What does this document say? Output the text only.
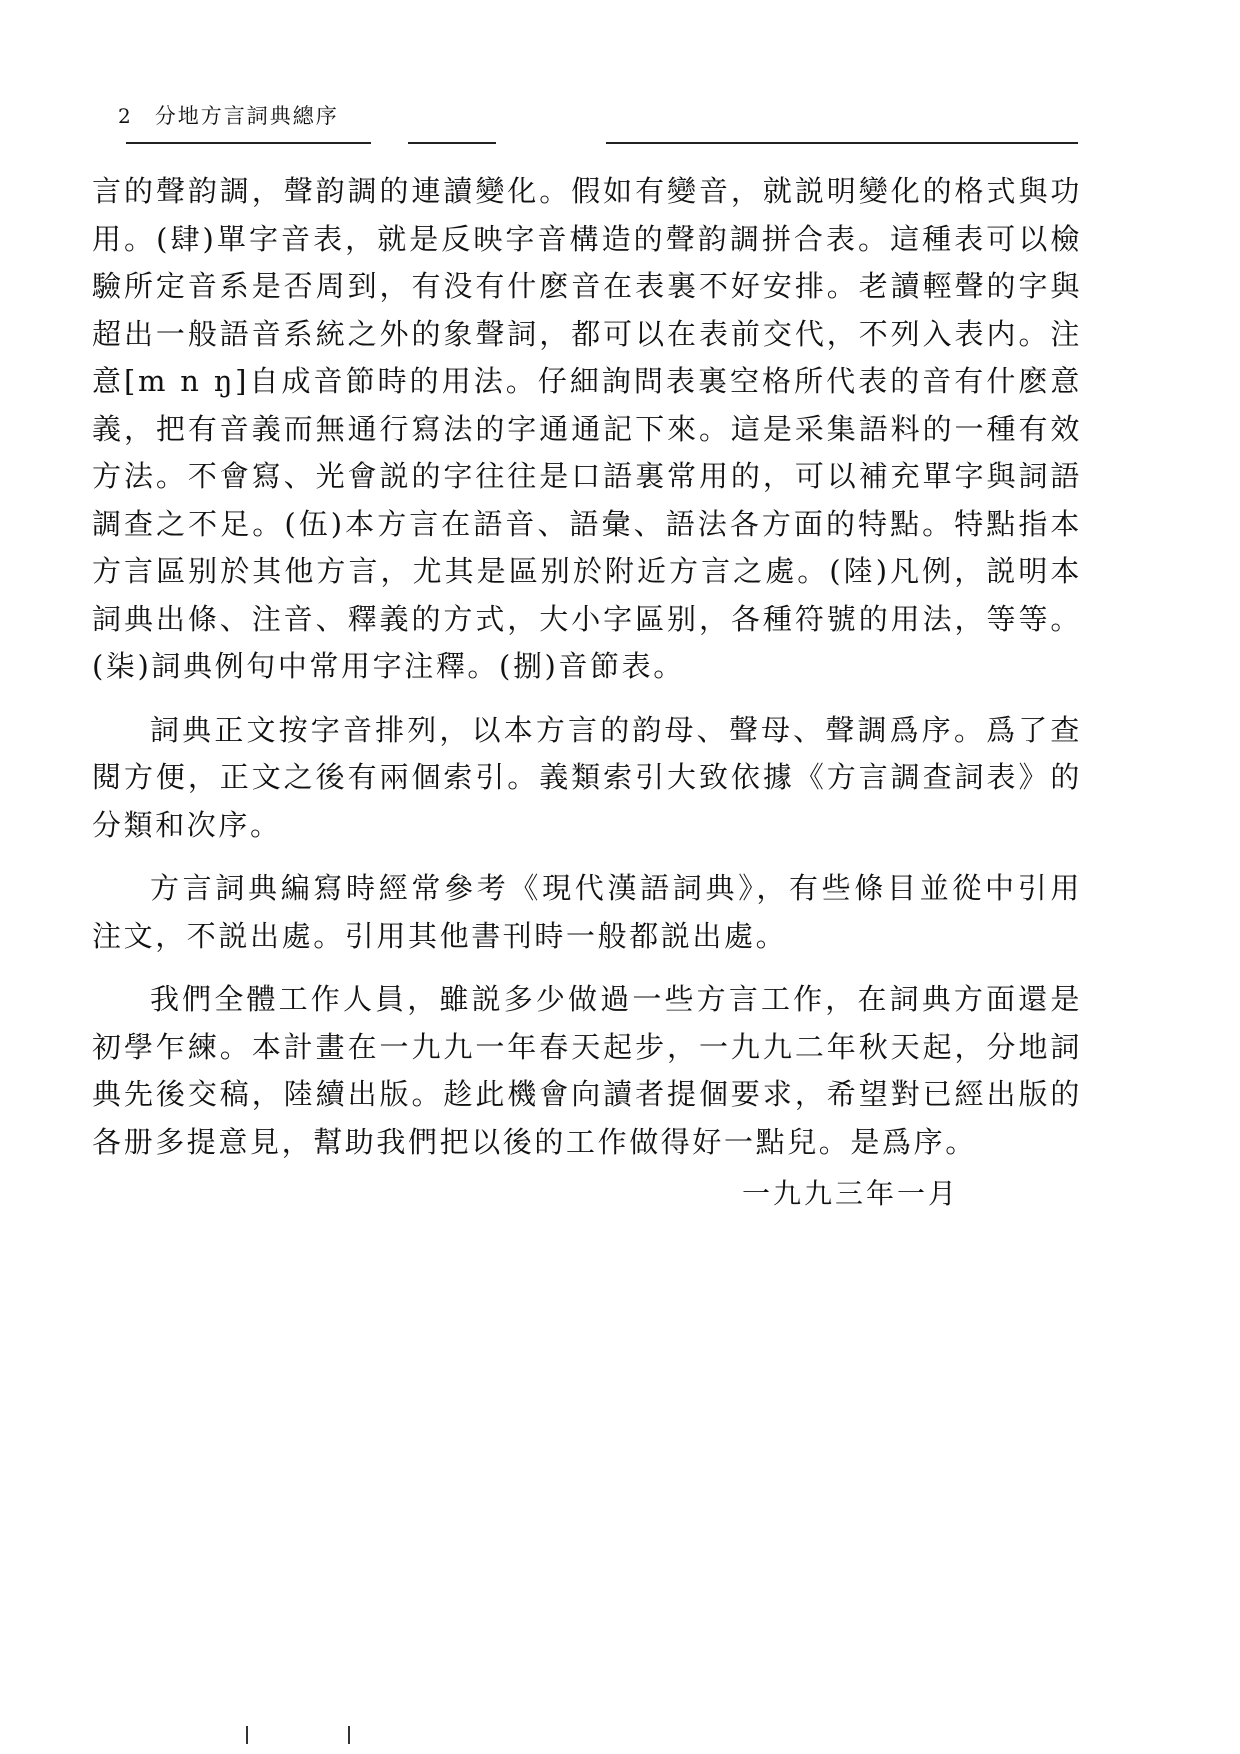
2 分地方言詞典總序

言的聲韵調，聲韵調的連讀變化。假如有變音，就説明變化的格式與功用。(肆)單字音表，就是反映字音構造的聲韵調拼合表。這種表可以檢驗所定音系是否周到，有没有什麽音在表裏不好安排。老讀輕聲的字與超出一般語音系統之外的象聲詞，都可以在表前交代，不列入表内。注意[m n ŋ]自成音節時的用法。仔細詢問表裏空格所代表的音有什麽意義，把有音義而無通行寫法的字通通記下來。這是采集語料的一種有效方法。不會寫、光會説的字往往是口語裏常用的，可以補充單字與詞語調查之不足。(伍)本方言在語音、語彙、語法各方面的特點。特點指本方言區别於其他方言，尤其是區别於附近方言之處。(陸)凡例，説明本詞典出條、注音、釋義的方式，大小字區别，各種符號的用法，等等。(柒)詞典例句中常用字注釋。(捌)音節表。

詞典正文按字音排列，以本方言的韵母、聲母、聲調爲序。爲了查閱方便，正文之後有兩個索引。義類索引大致依據《方言調查詞表》的分類和次序。

方言詞典編寫時經常參考《現代漢語詞典》，有些條目並從中引用注文，不説出處。引用其他書刊時一般都説出處。

我們全體工作人員，雖説多少做過一些方言工作，在詞典方面還是初學乍練。本計畫在一九九一年春天起步，一九九二年秋天起，分地詞典先後交稿，陸續出版。趁此機會向讀者提個要求，希望對已經出版的各册多提意見，幫助我們把以後的工作做得好一點兒。是爲序。

一九九三年一月
